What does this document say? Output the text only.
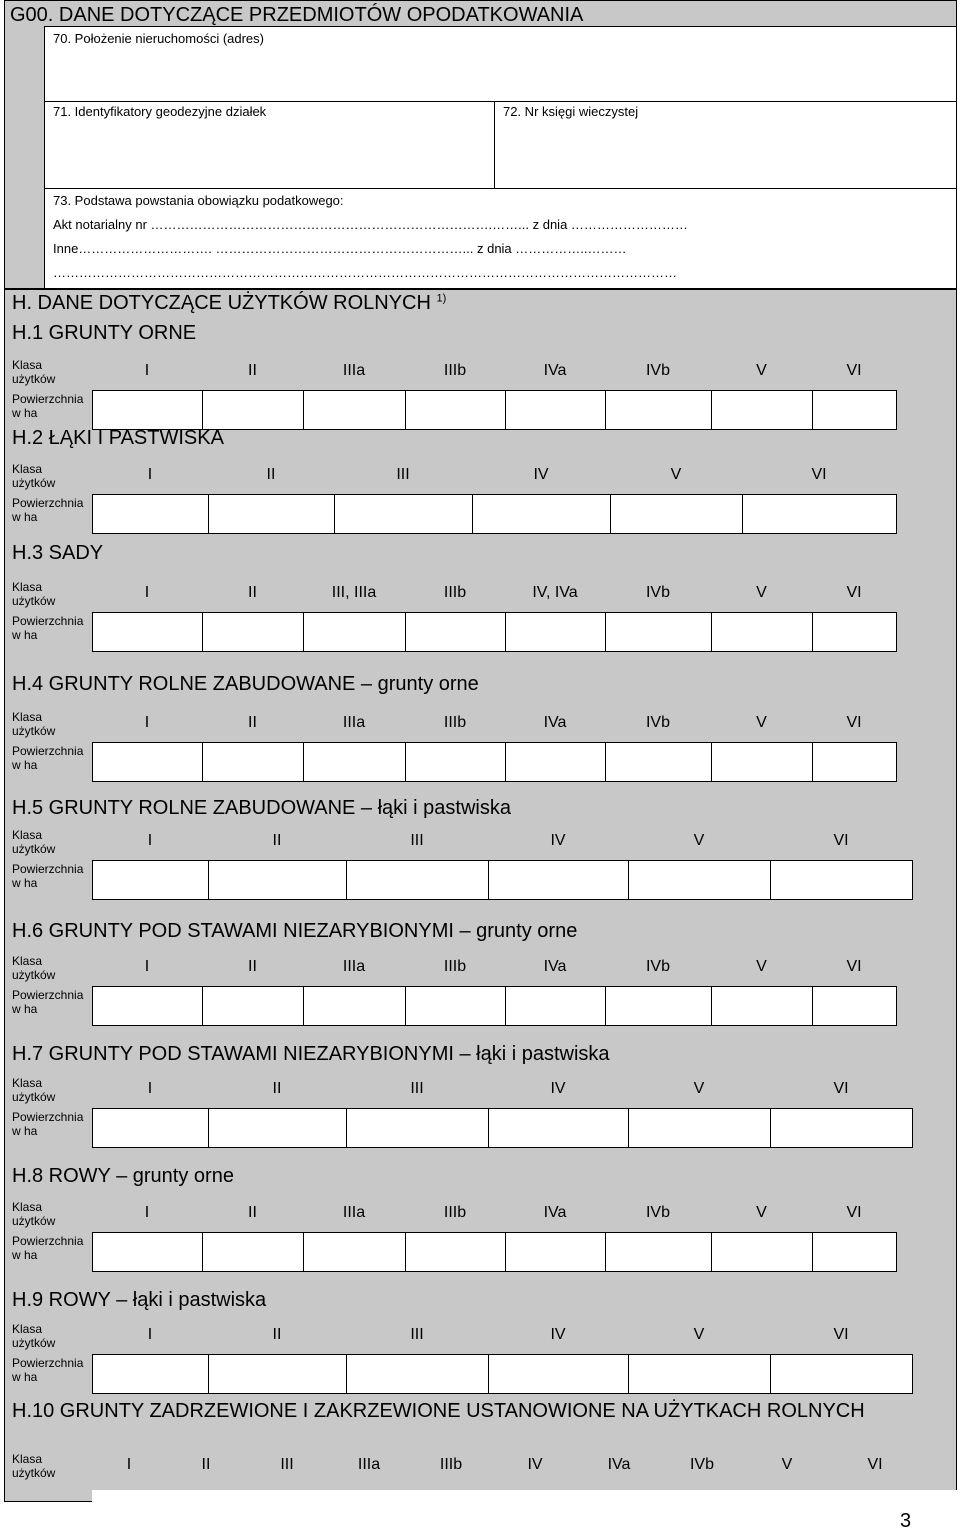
G00. DANE DOTYCZĄCE PRZEDMIOTÓW OPODATKOWANIA
70. Położenie nieruchomości (adres)
71. Identyfikatory geodezyjne działek	72. Nr księgi wieczystej
73. Podstawa powstania obowiązku podatkowego:
Akt notarialny nr …………………………………………………………………….……... z dnia ………………………
Inne…………………………. …………………………………………………... z dnia ……………..………
………………………………………………………………………………………………………………………………
H. DANE DOTYCZĄCE UŻYTKÓW ROLNYCH $^{1)}$
H.1 GRUNTY ORNE
Klasa
użytków
Powierzchnia
w ha
I	II	IIIa	IIIb	IVa	IVb	V	VI
H.2 ŁĄKI I PASTWISKA
Klasa
użytków
Powierzchnia
w ha
I	II	III	IV	V	VI
H.3 SADY
Klasa
użytków
Powierzchnia
w ha
I	II	III, IIIa	IIIb	IV, IVa	IVb	V	VI
H.4 GRUNTY ROLNE ZABUDOWANE – grunty orne
Klasa
użytków
Powierzchnia
w ha
I	II	IIIa	IIIb	IVa	IVb	V	VI
H.5 GRUNTY ROLNE ZABUDOWANE – łąki i pastwiska
Klasa
użytków
Powierzchnia
w ha
I	II	III	IV	V	VI
H.6 GRUNTY POD STAWAMI NIEZARYBIONYMI – grunty orne
Klasa
użytków
Powierzchnia
w ha
I	II	IIIa	IIIb	IVa	IVb	V	VI
H.7 GRUNTY POD STAWAMI NIEZARYBIONYMI – łąki i pastwiska
Klasa
użytków
Powierzchnia
w ha
I	II	III	IV	V	VI
H.8 ROWY – grunty orne
Klasa
użytków
Powierzchnia
w ha
I	II	IIIa	IIIb	IVa	IVb	V	VI
H.9 ROWY – łąki i pastwiska
Klasa
użytków
Powierzchnia
w ha
I	II	III	IV	V	VI
H.10 GRUNTY ZADRZEWIONE I ZAKRZEWIONE USTANOWIONE NA UŻYTKACH ROLNYCH
Klasa
użytków	I	II	III	IIIa	IIIb	IV	IVa	IVb	V	VI
3
